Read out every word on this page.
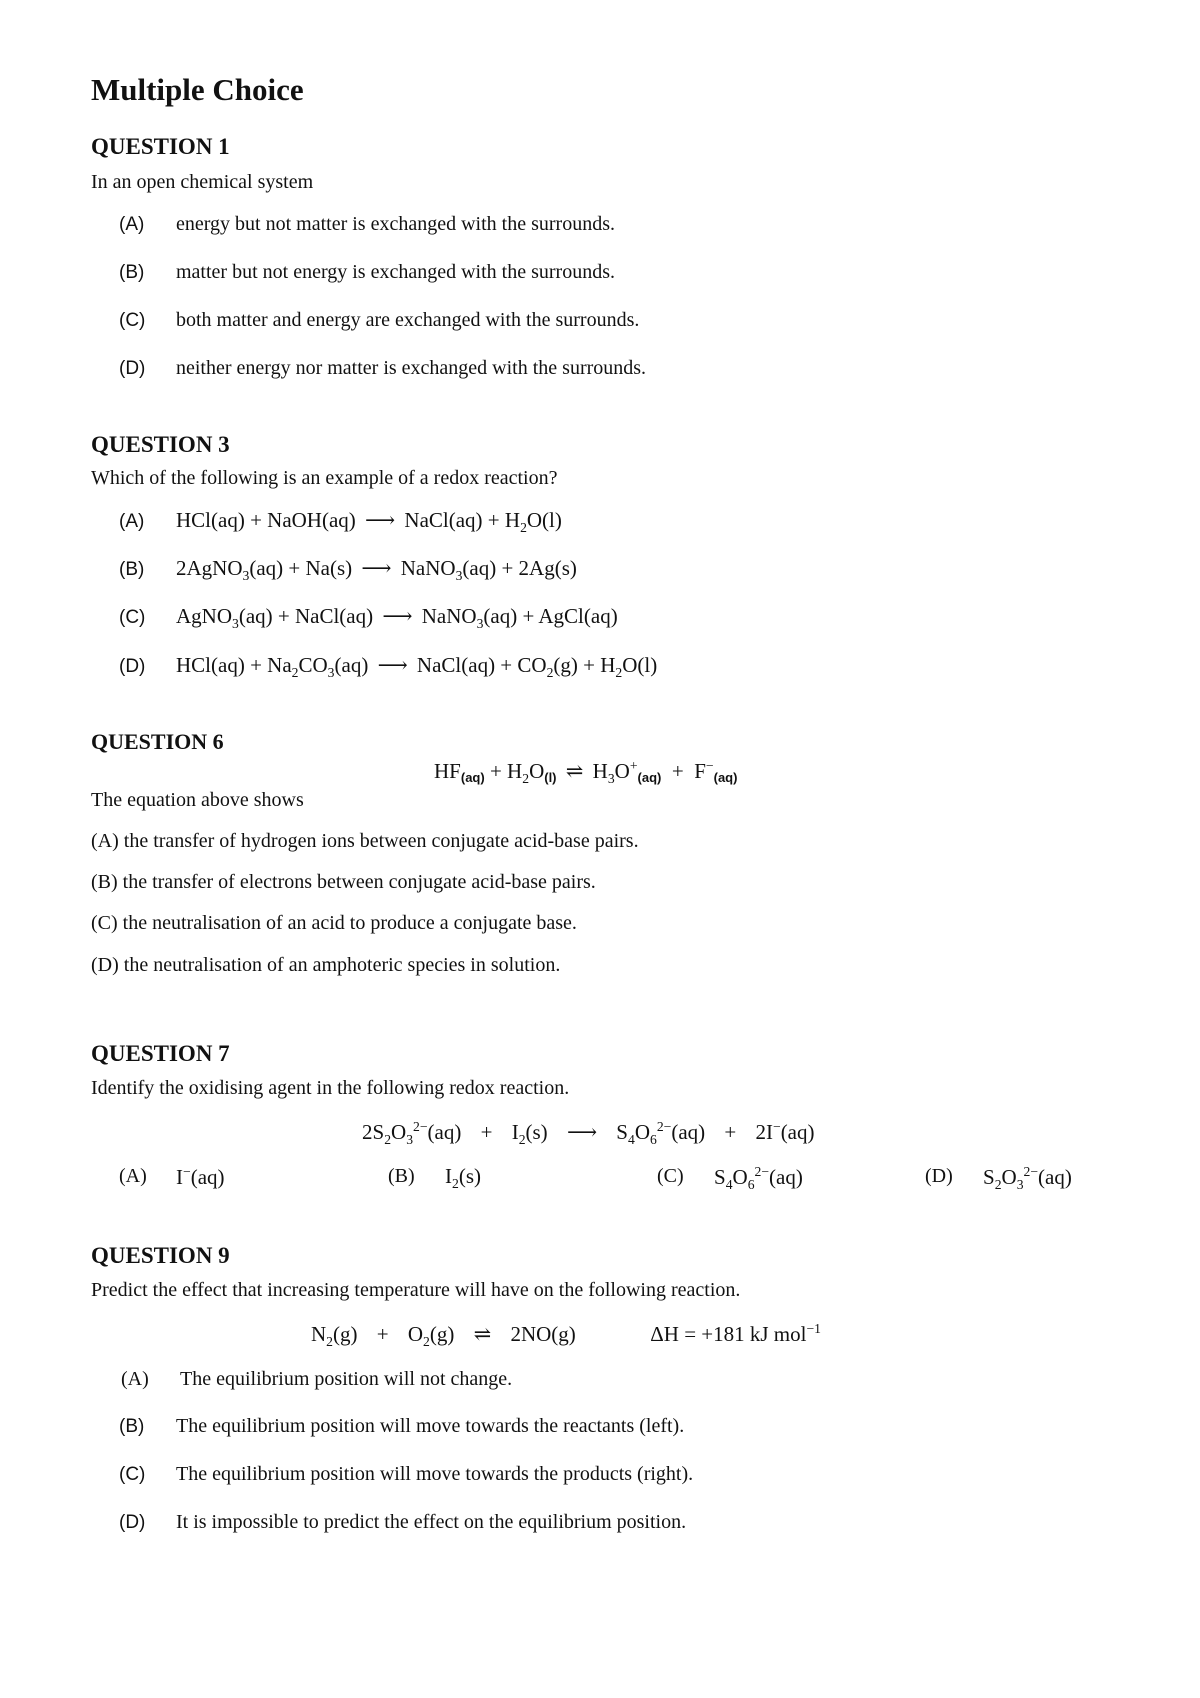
Multiple Choice
QUESTION 1
In an open chemical system
(A) energy but not matter is exchanged with the surrounds.
(B) matter but not energy is exchanged with the surrounds.
(C) both matter and energy are exchanged with the surrounds.
(D) neither energy nor matter is exchanged with the surrounds.
QUESTION 3
Which of the following is an example of a redox reaction?
(A) HCl(aq) + NaOH(aq) ⟶ NaCl(aq) + $H_2O(l)$
(B) 2AgNO$_3$(aq) + Na(s) ⟶ NaNO$_3$(aq) + 2Ag(s)
(C) AgNO$_3$(aq) + NaCl(aq) ⟶ NaNO$_3$(aq) + AgCl(aq)
(D) $HCl(aq) + Na_2CO_3(aq)$ ⟶ NaCl(aq) + $CO_2(g) + H_2O(l)$
QUESTION 6
$HF(aq) + H_2O(l)$ ⇌ $H_3O^+(aq) + F^-(aq)$
The equation above shows
(A) the transfer of hydrogen ions between conjugate acid-base pairs.
(B) the transfer of electrons between conjugate acid-base pairs.
(C) the neutralisation of an acid to produce a conjugate base.
(D) the neutralisation of an amphoteric species in solution.
QUESTION 7
Identify the oxidising agent in the following redox reaction.
$2S_2O_3^{2-}(aq) + I_2(s)$ ⟶ $S_4O_6^{2-}(aq) + 2I^-(aq)$
(A) I−(aq)	(B) $I_2(s)$	(C) $S_4O_6^{2-}(aq)$	(D) $S_2O_3^{2-}(aq)$
QUESTION 9
Predict the effect that increasing temperature will have on the following reaction.
$N_2(g) + O_2(g)$ ⇌ 2NO(g)	ΔH = +181 kJ mol$^{-1}$
(A) The equilibrium position will not change.
(B) The equilibrium position will move towards the reactants (left).
(C) The equilibrium position will move towards the products (right).
(D) It is impossible to predict the effect on the equilibrium position.
